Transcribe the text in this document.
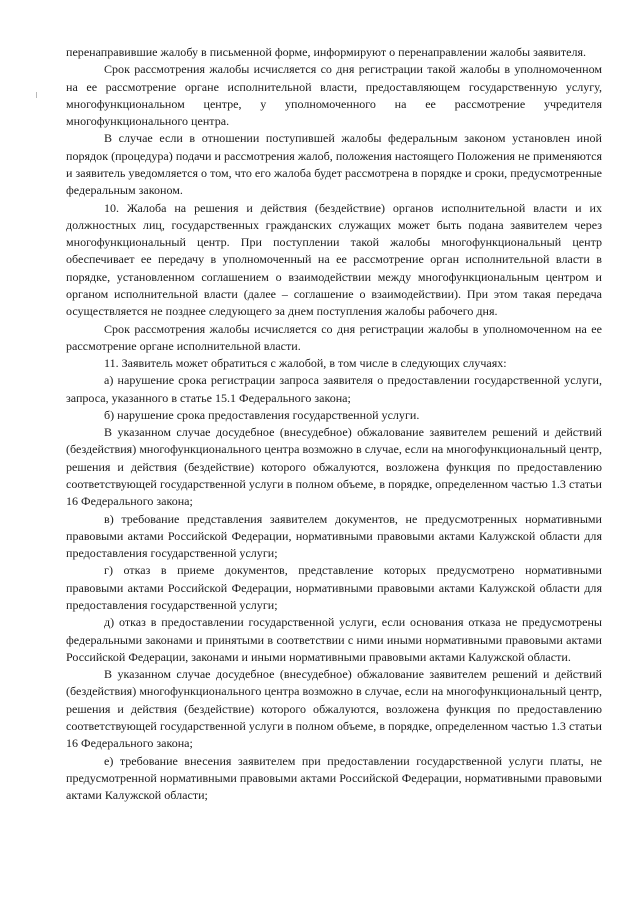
перенаправившие жалобу в письменной форме, информируют о перенаправлении жалобы заявителя.

Срок рассмотрения жалобы исчисляется со дня регистрации такой жалобы в уполномоченном на ее рассмотрение органе исполнительной власти, предоставляющем государственную услугу, многофункциональном центре, у уполномоченного на ее рассмотрение учредителя многофункционального центра.

В случае если в отношении поступившей жалобы федеральным законом установлен иной порядок (процедура) подачи и рассмотрения жалоб, положения настоящего Положения не применяются и заявитель уведомляется о том, что его жалоба будет рассмотрена в порядке и сроки, предусмотренные федеральным законом.

10. Жалоба на решения и действия (бездействие) органов исполнительной власти и их должностных лиц, государственных гражданских служащих может быть подана заявителем через многофункциональный центр. При поступлении такой жалобы многофункциональный центр обеспечивает ее передачу в уполномоченный на ее рассмотрение орган исполнительной власти в порядке, установленном соглашением о взаимодействии между многофункциональным центром и органом исполнительной власти (далее – соглашение о взаимодействии). При этом такая передача осуществляется не позднее следующего за днем поступления жалобы рабочего дня.

Срок рассмотрения жалобы исчисляется со дня регистрации жалобы в уполномоченном на ее рассмотрение органе исполнительной власти.

11. Заявитель может обратиться с жалобой, в том числе в следующих случаях:

а) нарушение срока регистрации запроса заявителя о предоставлении государственной услуги, запроса, указанного в статье 15.1 Федерального закона;

б) нарушение срока предоставления государственной услуги.

В указанном случае досудебное (внесудебное) обжалование заявителем решений и действий (бездействия) многофункционального центра возможно в случае, если на многофункциональный центр, решения и действия (бездействие) которого обжалуются, возложена функция по предоставлению соответствующей государственной услуги в полном объеме, в порядке, определенном частью 1.3 статьи 16 Федерального закона;

в) требование представления заявителем документов, не предусмотренных нормативными правовыми актами Российской Федерации, нормативными правовыми актами Калужской области для предоставления государственной услуги;

г) отказ в приеме документов, представление которых предусмотрено нормативными правовыми актами Российской Федерации, нормативными правовыми актами Калужской области для предоставления государственной услуги;

д) отказ в предоставлении государственной услуги, если основания отказа не предусмотрены федеральными законами и принятыми в соответствии с ними иными нормативными правовыми актами Российской Федерации, законами и иными нормативными правовыми актами Калужской области.

В указанном случае досудебное (внесудебное) обжалование заявителем решений и действий (бездействия) многофункционального центра возможно в случае, если на многофункциональный центр, решения и действия (бездействие) которого обжалуются, возложена функция по предоставлению соответствующей государственной услуги в полном объеме, в порядке, определенном частью 1.3 статьи 16 Федерального закона;

е) требование внесения заявителем при предоставлении государственной услуги платы, не предусмотренной нормативными правовыми актами Российской Федерации, нормативными правовыми актами Калужской области;
